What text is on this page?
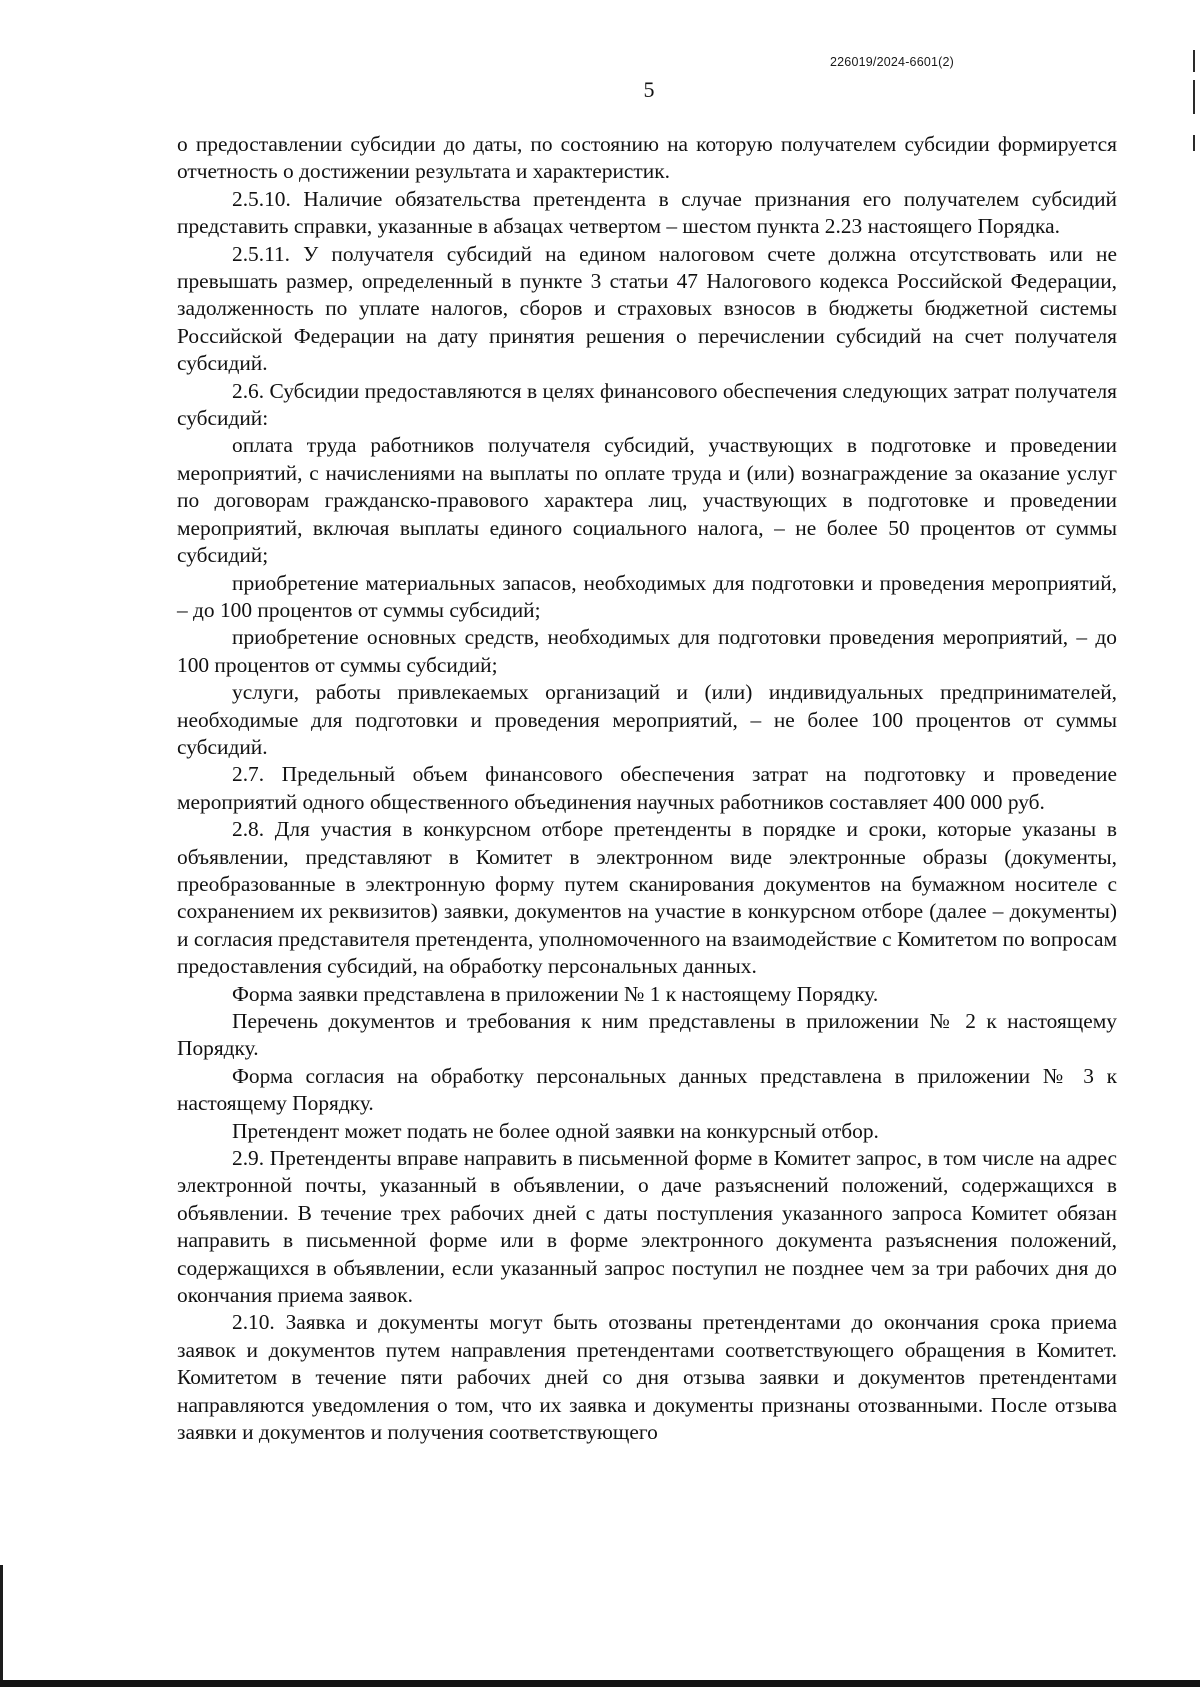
226019/2024-6601(2)
5

о предоставлении субсидии до даты, по состоянию на которую получателем субсидии формируется отчетность о достижении результата и характеристик.

2.5.10. Наличие обязательства претендента в случае признания его получателем субсидий представить справки, указанные в абзацах четвертом – шестом пункта 2.23 настоящего Порядка.

2.5.11. У получателя субсидий на едином налоговом счете должна отсутствовать или не превышать размер, определенный в пункте 3 статьи 47 Налогового кодекса Российской Федерации, задолженность по уплате налогов, сборов и страховых взносов в бюджеты бюджетной системы Российской Федерации на дату принятия решения о перечислении субсидий на счет получателя субсидий.

2.6. Субсидии предоставляются в целях финансового обеспечения следующих затрат получателя субсидий:

оплата труда работников получателя субсидий, участвующих в подготовке и проведении мероприятий, с начислениями на выплаты по оплате труда и (или) вознаграждение за оказание услуг по договорам гражданско-правового характера лиц, участвующих в подготовке и проведении мероприятий, включая выплаты единого социального налога, – не более 50 процентов от суммы субсидий;

приобретение материальных запасов, необходимых для подготовки и проведения мероприятий, – до 100 процентов от суммы субсидий;

приобретение основных средств, необходимых для подготовки проведения мероприятий, – до 100 процентов от суммы субсидий;

услуги, работы привлекаемых организаций и (или) индивидуальных предпринимателей, необходимые для подготовки и проведения мероприятий, – не более 100 процентов от суммы субсидий.

2.7. Предельный объем финансового обеспечения затрат на подготовку и проведение мероприятий одного общественного объединения научных работников составляет 400 000 руб.

2.8. Для участия в конкурсном отборе претенденты в порядке и сроки, которые указаны в объявлении, представляют в Комитет в электронном виде электронные образы (документы, преобразованные в электронную форму путем сканирования документов на бумажном носителе с сохранением их реквизитов) заявки, документов на участие в конкурсном отборе (далее – документы) и согласия представителя претендента, уполномоченного на взаимодействие с Комитетом по вопросам предоставления субсидий, на обработку персональных данных.

Форма заявки представлена в приложении № 1 к настоящему Порядку.

Перечень документов и требования к ним представлены в приложении № 2 к настоящему Порядку.

Форма согласия на обработку персональных данных представлена в приложении № 3 к настоящему Порядку.

Претендент может подать не более одной заявки на конкурсный отбор.

2.9. Претенденты вправе направить в письменной форме в Комитет запрос, в том числе на адрес электронной почты, указанный в объявлении, о даче разъяснений положений, содержащихся в объявлении. В течение трех рабочих дней с даты поступления указанного запроса Комитет обязан направить в письменной форме или в форме электронного документа разъяснения положений, содержащихся в объявлении, если указанный запрос поступил не позднее чем за три рабочих дня до окончания приема заявок.

2.10. Заявка и документы могут быть отозваны претендентами до окончания срока приема заявок и документов путем направления претендентами соответствующего обращения в Комитет. Комитетом в течение пяти рабочих дней со дня отзыва заявки и документов претендентами направляются уведомления о том, что их заявка и документы признаны отозванными. После отзыва заявки и документов и получения соответствующего
